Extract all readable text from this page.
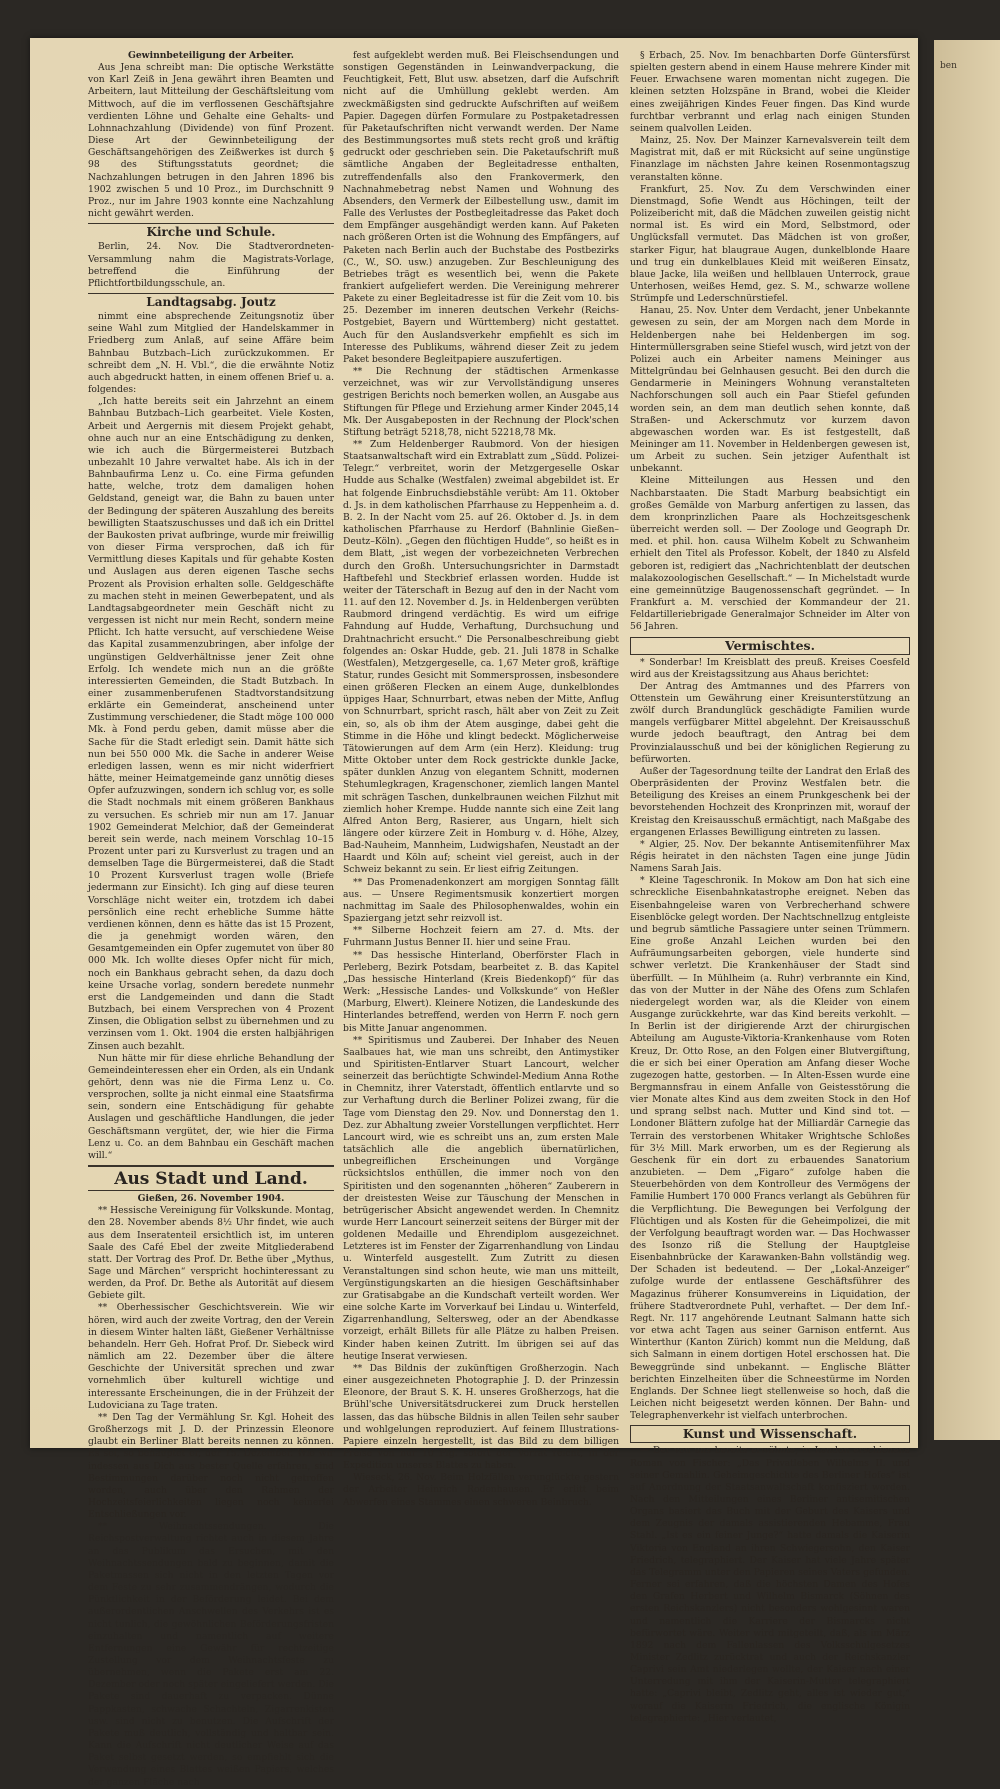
ben

Gewinnbeteiligung der Arbeiter.

Aus Jena schreibt man: Die optische Werkstätte von Karl Zeiß in Jena gewährt ihren Beamten und Arbeitern, laut Mitteilung der Geschäftsleitung vom Mittwoch, auf die im verflossenen Geschäftsjahre verdienten Löhne und Gehalte eine Gehalts- und Lohnnachzahlung (Dividende) von fünf Prozent. Diese Art der Gewinnbeteiligung der Geschäftsangehörigen des Zeißwerkes ist durch § 98 des Stiftungsstatuts geordnet; die Nachzahlungen betrugen in den Jahren 1896 bis 1902 zwischen 5 und 10 Proz., im Durchschnitt 9 Proz., nur im Jahre 1903 konnte eine Nachzahlung nicht gewährt werden.

Kirche und Schule.

Berlin, 24. Nov. Die Stadtverordneten-Versammlung nahm die Magistrats-Vorlage, betreffend die Einführung der Pflichtfortbildungsschule, an.

Landtagsabg. Joutz

nimmt eine absprechende Zeitungsnotiz über seine Wahl zum Mitglied der Handelskammer in Friedberg zum Anlaß, auf seine Affäre beim Bahnbau Butzbach–Lich zurückzukommen. Er schreibt dem „N. H. Vbl.“, die die erwähnte Notiz auch abgedruckt hatten, in einem offenen Brief u. a. folgendes:

„Ich hatte bereits seit ein Jahrzehnt an einem Bahnbau Butzbach–Lich gearbeitet. Viele Kosten, Arbeit und Aergernis mit diesem Projekt gehabt, ohne auch nur an eine Entschädigung zu denken, wie ich auch die Bürgermeisterei Butzbach unbezahlt 10 Jahre verwaltet habe. Als ich in der Bahnbaufirma Lenz u. Co. eine Firma gefunden hatte, welche, trotz dem damaligen hohen Geldstand, geneigt war, die Bahn zu bauen unter der Bedingung der späteren Auszahlung des bereits bewilligten Staatszuschusses und daß ich ein Drittel der Baukosten privat aufbringe, wurde mir freiwillig von dieser Firma versprochen, daß ich für Vermittlung dieses Kapitals und für gehabte Kosten und Auslagen aus deren eigenen Tasche sechs Prozent als Provision erhalten solle. Geldgeschäfte zu machen steht in meinen Gewerbepatent, und als Landtagsabgeordneter mein Geschäft nicht zu vergessen ist nicht nur mein Recht, sondern meine Pflicht. Ich hatte versucht, auf verschiedene Weise das Kapital zusammenzubringen, aber infolge der ungünstigen Geldverhältnisse jener Zeit ohne Erfolg. Ich wendete mich nun an die größte interessierten Gemeinden, die Stadt Butzbach. In einer zusammenberufenen Stadtvorstandsitzung erklärte ein Gemeinderat, anscheinend unter Zustimmung verschiedener, die Stadt möge 100 000 Mk. à Fond perdu geben, damit müsse aber die Sache für die Stadt erledigt sein. Damit hätte sich nun bei 550 000 Mk. die Sache in anderer Weise erledigen lassen, wenn es mir nicht widerfriert hätte, meiner Heimatgemeinde ganz unnötig dieses Opfer aufzuzwingen, sondern ich schlug vor, es solle die Stadt nochmals mit einem größeren Bankhaus zu versuchen. Es schrieb mir nun am 17. Januar 1902 Gemeinderat Melchior, daß der Gemeinderat bereit sein werde, nach meinem Vorschlag 10–15 Prozent unter pari zu Kursverlust zu tragen und an demselben Tage die Bürgermeisterei, daß die Stadt 10 Prozent Kursverlust tragen wolle (Briefe jedermann zur Einsicht). Ich ging auf diese teuren Vorschläge nicht weiter ein, trotzdem ich dabei persönlich eine recht erhebliche Summe hätte verdienen können, denn es hätte das ist 15 Prozent, die ja genehmigt worden wären, den Gesamtgemeinden ein Opfer zugemutet von über 80 000 Mk. Ich wollte dieses Opfer nicht für mich, noch ein Bankhaus gebracht sehen, da dazu doch keine Ursache vorlag, sondern beredete nunmehr erst die Landgemeinden und dann die Stadt Butzbach, bei einem Versprechen von 4 Prozent Zinsen, die Obligation selbst zu übernehmen und zu verzinsen vom 1. Okt. 1904 die ersten halbjährigen Zinsen auch bezahlt.

Nun hätte mir für diese ehrliche Behandlung der Gemeindeinteressen eher ein Orden, als ein Undank gehört, denn was nie die Firma Lenz u. Co. versprochen, sollte ja nicht einmal eine Staatsfirma sein, sondern eine Entschädigung für gehabte Auslagen und geschäftliche Handlungen, die jeder Geschäftsmann vergütet, der, wie hier die Firma Lenz u. Co. an dem Bahnbau ein Geschäft machen will.“

Aus Stadt und Land.

Gießen, 26. November 1904.

** Hessische Vereinigung für Volkskunde. Montag, den 28. November abends 8½ Uhr findet, wie auch aus dem Inseratenteil ersichtlich ist, im unteren Saale des Café Ebel der zweite Mitgliederabend statt. Der Vortrag des Prof. Dr. Bethe über „Mythus, Sage und Märchen“ verspricht hochinteressant zu werden, da Prof. Dr. Bethe als Autorität auf diesem Gebiete gilt.

** Oberhessischer Geschichtsverein. Wie wir hören, wird auch der zweite Vortrag, den der Verein in diesem Winter halten läßt, Gießener Verhältnisse behandeln. Herr Geh. Hofrat Prof. Dr. Siebeck wird nämlich am 22. Dezember über die ältere Geschichte der Universität sprechen und zwar vornehmlich über kulturell wichtige und interessante Erscheinungen, die in der Frühzeit der Ludoviciana zu Tage traten.

** Den Tag der Vermählung Sr. Kgl. Hoheit des Großherzogs mit J. D. der Prinzessin Eleonore glaubt ein Berliner Blatt bereits nennen zu können. Es sei, so behauptet er, der 15. Dezember. Wie wir indessen aus Dich aus bester Quelle erfahren, sind Bestimmungen darüber noch nicht getroffen worden, auch über den Rahmen der Hochzeitsfeierlichkeiten liegen noch keinerlei Entschließungen vor.

** Weihnachtssendungen. Die Reichspostverwaltung richtet auch in diesem Jahre an das Publikum das Ersuchen, mit den Weihnachtssendungen bald zu beginnen, damit die Paketmassen sich nicht in den letzten Tagen vor dem Feste zu sehr zusammendrängen, wodurch die Pünktlichkeit in der Beförderung leidet. Bei dem außerordentlichen Anschwellen des Verkehrs ist es nicht tunlich, die gewöhnlichen Beförderungsfristen einzuhalten und namentlich auf weitere Entfernungen eine Gewähr für rechtzeitige Zustellung vor dem Weihnachtsfeste zu übernehmen, wenn die Pakete erst am 22. Dezember oder noch später eingeliefert werden. Die Pakete sind dauerhaft zu verpacken. Dünne Pappkasten, schwache Schachteln, Zigarrenkisten usw. sind nicht zu benutzen. Die Aufschrift der Pakete muß deutlich, vollständig und haltbar sein. Kann die Aufschrift nicht deutlicher Weise auf das Paket selbst gesetzt werden, so empfiehlt sich die Verwendung eines Blattes weißen Papiers, welches der ganzen Fläche nach

fest aufgeklebt werden muß. Bei Fleischsendungen und sonstigen Gegenständen in Leinwandverpackung, die Feuchtigkeit, Fett, Blut usw. absetzen, darf die Aufschrift nicht auf die Umhüllung geklebt werden. Am zweckmäßigsten sind gedruckte Aufschriften auf weißem Papier. Dagegen dürfen Formulare zu Postpaketadressen für Paketaufschriften nicht verwandt werden. Der Name des Bestimmungsortes muß stets recht groß und kräftig gedruckt oder geschrieben sein. Die Paketaufschrift muß sämtliche Angaben der Begleitadresse enthalten, zutreffendenfalls also den Frankovermerk, den Nachnahmebetrag nebst Namen und Wohnung des Absenders, den Vermerk der Eilbestellung usw., damit im Falle des Verlustes der Postbegleitadresse das Paket doch dem Empfänger ausgehändigt werden kann. Auf Paketen nach größeren Orten ist die Wohnung des Empfängers, auf Paketen nach Berlin auch der Buchstabe des Postbezirks (C., W., SO. usw.) anzugeben. Zur Beschleunigung des Betriebes trägt es wesentlich bei, wenn die Pakete frankiert aufgeliefert werden. Die Vereinigung mehrerer Pakete zu einer Begleitadresse ist für die Zeit vom 10. bis 25. Dezember im inneren deutschen Verkehr (Reichs-Postgebiet, Bayern und Württemberg) nicht gestattet. Auch für den Auslandsverkehr empfiehlt es sich im Interesse des Publikums, während dieser Zeit zu jedem Paket besondere Begleitpapiere auszufertigen.

** Die Rechnung der städtischen Armenkasse verzeichnet, was wir zur Vervollständigung unseres gestrigen Berichts noch bemerken wollen, an Ausgabe aus Stiftungen für Pflege und Erziehung armer Kinder 2045,14 Mk. Der Ausgabeposten in der Rechnung der Plock'schen Stiftung beträgt 5218,78, nicht 52218,78 Mk.

** Zum Heldenberger Raubmord. Von der hiesigen Staatsanwaltschaft wird ein Extrablatt zum „Südd. Polizei-Telegr.“ verbreitet, worin der Metzgergeselle Oskar Hudde aus Schalke (Westfalen) zweimal abgebildet ist. Er hat folgende Einbruchsdiebstähle verübt: Am 11. Oktober d. Js. in dem katholischen Pfarrhause zu Heppenheim a. d. B. 2. In der Nacht vom 25. auf 26. Oktober d. Js. in dem katholischen Pfarrhause zu Herdorf (Bahnlinie Gießen–Deutz–Köln). „Gegen den flüchtigen Hudde“, so heißt es in dem Blatt, „ist wegen der vorbezeichneten Verbrechen durch den Großh. Untersuchungsrichter in Darmstadt Haftbefehl und Steckbrief erlassen worden. Hudde ist weiter der Täterschaft in Bezug auf den in der Nacht vom 11. auf den 12. November d. Js. in Heldenbergen verübten Raubmord dringend verdächtig. Es wird um eifrige Fahndung auf Hudde, Verhaftung, Durchsuchung und Drahtnachricht ersucht.“ Die Personalbeschreibung giebt folgendes an: Oskar Hudde, geb. 21. Juli 1878 in Schalke (Westfalen), Metzgergeselle, ca. 1,67 Meter groß, kräftige Statur, rundes Gesicht mit Sommersprossen, insbesondere einen größeren Flecken an einem Auge, dunkelblondes üppiges Haar, Schnurrbart, etwas neben der Mitte, Anflug von Schnurrbart, spricht rasch, hält aber von Zeit zu Zeit ein, so, als ob ihm der Atem ausginge, dabei geht die Stimme in die Höhe und klingt bedeckt. Möglicherweise Tätowierungen auf dem Arm (ein Herz). Kleidung: trug Mitte Oktober unter dem Rock gestrickte dunkle Jacke, später dunklen Anzug von elegantem Schnitt, modernen Stehumlegkragen, Kragenschoner, ziemlich langen Mantel mit schrägen Taschen, dunkelbraunen weichen Filzhut mit ziemlich hoher Krempe. Hudde nannte sich eine Zeit lang Alfred Anton Berg, Rasierer, aus Ungarn, hielt sich längere oder kürzere Zeit in Homburg v. d. Höhe, Alzey, Bad-Nauheim, Mannheim, Ludwigshafen, Neustadt an der Haardt und Köln auf; scheint viel gereist, auch in der Schweiz bekannt zu sein. Er liest eifrig Zeitungen.

** Das Promenadenkonzert am morgigen Sonntag fällt aus. — Unsere Regimentsmusik konzertiert morgen nachmittag im Saale des Philosophenwaldes, wohin ein Spaziergang jetzt sehr reizvoll ist.

** Silberne Hochzeit feiern am 27. d. Mts. der Fuhrmann Justus Benner II. hier und seine Frau.

** Das hessische Hinterland, Oberförster Flach in Perleberg, Bezirk Potsdam, bearbeitet z. B. das Kapitel „Das hessische Hinterland (Kreis Biedenkopf)“ für das Werk: „Hessische Landes- und Volkskunde“ von Heßler (Marburg, Elwert). Kleinere Notizen, die Landeskunde des Hinterlandes betreffend, werden von Herrn F. noch gern bis Mitte Januar angenommen.

** Spiritismus und Zauberei. Der Inhaber des Neuen Saalbaues hat, wie man uns schreibt, den Antimystiker und Spiritisten-Entlarver Stuart Lancourt, welcher seinerzeit das berüchtigte Schwindel-Medium Anna Rothe in Chemnitz, ihrer Vaterstadt, öffentlich entlarvte und so zur Verhaftung durch die Berliner Polizei zwang, für die Tage vom Dienstag den 29. Nov. und Donnerstag den 1. Dez. zur Abhaltung zweier Vorstellungen verpflichtet. Herr Lancourt wird, wie es schreibt uns an, zum ersten Male tatsächlich alle die angeblich übernatürlichen, unbegreiflichen Erscheinungen und Vorgänge rücksichtslos enthüllen, die immer noch von den Spiritisten und den sogenannten „höheren“ Zauberern in der dreistesten Weise zur Täuschung der Menschen in betrügerischer Absicht angewendet werden. In Chemnitz wurde Herr Lancourt seinerzeit seitens der Bürger mit der goldenen Medaille und Ehrendiplom ausgezeichnet. Letzteres ist im Fenster der Zigarrenhandlung von Lindau u. Winterfeld ausgestellt. Zum Zutritt zu diesen Veranstaltungen sind schon heute, wie man uns mitteilt, Vergünstigungskarten an die hiesigen Geschäftsinhaber zur Gratisabgabe an die Kundschaft verteilt worden. Wer eine solche Karte im Vorverkauf bei Lindau u. Winterfeld, Zigarrenhandlung, Seltersweg, oder an der Abendkasse vorzeigt, erhält Billets für alle Plätze zu halben Preisen. Kinder haben keinen Zutritt. Im übrigen sei auf das heutige Inserat verwiesen.

** Das Bildnis der zukünftigen Großherzogin. Nach einer ausgezeichneten Photographie J. D. der Prinzessin Eleonore, der Braut S. K. H. unseres Großherzogs, hat die Brühl'sche Universitätsdruckerei zum Druck herstellen lassen, das das hübsche Bildnis in allen Teilen sehr sauber und wohlgelungen reproduziert. Auf feinem Illustrations-Papiere einzeln hergestellt, ist das Bild zu dem billigen Preise von nur 10 Pfg. sofort der Vorrat reicht, in der Expedition unseres Blattes zu haben.

Wieseck, 26. Nov. Beim Holzfällen verunglückte gestern der Arbeiter Heinrich Rodenhausen. Er erlitt beim Abwerfen eines Stammes einen schweren Beinbruch.

§ Erbach, 25. Nov. Im benachbarten Dorfe Güntersfürst spielten gestern abend in einem Hause mehrere Kinder mit Feuer. Erwachsene waren momentan nicht zugegen. Die kleinen setzten Holzspäne in Brand, wobei die Kleider eines zweijährigen Kindes Feuer fingen. Das Kind wurde furchtbar verbrannt und erlag nach einigen Stunden seinem qualvollen Leiden.

Mainz, 25. Nov. Der Mainzer Karnevalsverein teilt dem Magistrat mit, daß er mit Rücksicht auf seine ungünstige Finanzlage im nächsten Jahre keinen Rosenmontagszug veranstalten könne.

Frankfurt, 25. Nov. Zu dem Verschwinden einer Dienstmagd, Sofie Wendt aus Höchingen, teilt der Polizeibericht mit, daß die Mädchen zuweilen geistig nicht normal ist. Es wird ein Mord, Selbstmord, oder Unglücksfall vermutet. Das Mädchen ist von großer, starker Figur, hat blaugraue Augen, dunkelblonde Haare und trug ein dunkelblaues Kleid mit weißeren Einsatz, blaue Jacke, lila weißen und hellblauen Unterrock, graue Unterhosen, weißes Hemd, gez. S. M., schwarze wollene Strümpfe und Lederschnürstiefel.

Hanau, 25. Nov. Unter dem Verdacht, jener Unbekannte gewesen zu sein, der am Morgen nach dem Morde in Heldenbergen nahe bei Heldenbergen im sog. Hintermüllersgraben seine Stiefel wusch, wird jetzt von der Polizei auch ein Arbeiter namens Meininger aus Mittelgründau bei Gelnhausen gesucht. Bei den durch die Gendarmerie in Meiningers Wohnung veranstalteten Nachforschungen soll auch ein Paar Stiefel gefunden worden sein, an dem man deutlich sehen konnte, daß Straßen- und Ackerschmutz vor kurzem davon abgewaschen worden war. Es ist festgestellt, daß Meininger am 11. November in Heldenbergen gewesen ist, um Arbeit zu suchen. Sein jetziger Aufenthalt ist unbekannt.

Kleine Mitteilungen aus Hessen und den Nachbarstaaten. Die Stadt Marburg beabsichtigt ein großes Gemälde von Marburg anfertigen zu lassen, das dem kronprinzlichen Paare als Hochzeitsgeschenk überreicht werden soll. — Der Zoologe und Geograph Dr. med. et phil. hon. causa Wilhelm Kobelt zu Schwanheim erhielt den Titel als Professor. Kobelt, der 1840 zu Alsfeld geboren ist, redigiert das „Nachrichtenblatt der deutschen malakozoologischen Gesellschaft.“ — In Michelstadt wurde eine gemeinnützige Baugenossenschaft gegründet. — In Frankfurt a. M. verschied der Kommandeur der 21. Feldartilleriebrigade Generalmajor Schneider im Alter von 56 Jahren.

Vermischtes.

* Sonderbar! Im Kreisblatt des preuß. Kreises Coesfeld wird aus der Kreistagssitzung aus Ahaus berichtet:

Der Antrag des Amtmannes und des Pfarrers von Ottenstein um Gewährung einer Kreisunterstützung an zwölf durch Brandunglück geschädigte Familien wurde mangels verfügbarer Mittel abgelehnt. Der Kreisausschuß wurde jedoch beauftragt, den Antrag bei dem Provinzialausschuß und bei der königlichen Regierung zu befürworten.

Außer der Tagesordnung teilte der Landrat den Erlaß des Oberpräsidenten der Provinz Westfalen betr. die Beteiligung des Kreises an einem Prunkgeschenk bei der bevorstehenden Hochzeit des Kronprinzen mit, worauf der Kreistag den Kreisausschuß ermächtigt, nach Maßgabe des ergangenen Erlasses Bewilligung eintreten zu lassen.

* Algier, 25. Nov. Der bekannte Antisemitenführer Max Régis heiratet in den nächsten Tagen eine junge Jüdin Namens Sarah Jais.

* Kleine Tageschronik. In Mokow am Don hat sich eine schreckliche Eisenbahnkatastrophe ereignet. Neben das Eisenbahngeleise waren von Verbrecherhand schwere Eisenblöcke gelegt worden. Der Nachtschnellzug entgleiste und begrub sämtliche Passagiere unter seinen Trümmern. Eine große Anzahl Leichen wurden bei den Aufräumungsarbeiten geborgen, viele hunderte sind schwer verletzt. Die Krankenhäuser der Stadt sind überfüllt. — In Mühlheim (a. Ruhr) verbrannte ein Kind, das von der Mutter in der Nähe des Ofens zum Schlafen niedergelegt worden war, als die Kleider von einem Ausgange zurückkehrte, war das Kind bereits verkohlt. — In Berlin ist der dirigierende Arzt der chirurgischen Abteilung am Auguste-Viktoria-Krankenhause vom Roten Kreuz, Dr. Otto Rose, an den Folgen einer Blutvergiftung, die er sich bei einer Operation am Anfang dieser Woche zugezogen hatte, gestorben. — In Alten-Essen wurde eine Bergmannsfrau in einem Anfalle von Geistesstörung die vier Monate altes Kind aus dem zweiten Stock in den Hof und sprang selbst nach. Mutter und Kind sind tot. — Londoner Blättern zufolge hat der Milliardär Carnegie das Terrain des verstorbenen Whitaker Wrightsche Schloßes für 3½ Mill. Mark erworben, um es der Regierung als Geschenk für ein dort zu erbauendes Sanatorium anzubieten. — Dem „Figaro“ zufolge haben die Steuerbehörden von dem Kontrolleur des Vermögens der Familie Humbert 170 000 Francs verlangt als Gebühren für die Verpflichtung. Die Bewegungen bei Verfolgung der Flüchtigen und als Kosten für die Geheimpolizei, die mit der Verfolgung beauftragt worden war. — Das Hochwasser des Isonzo riß die Stellung der Hauptgleise Eisenbahnbrücke der Karawanken-Bahn vollständig weg. Der Schaden ist bedeutend. — Der „Lokal-Anzeiger“ zufolge wurde der entlassene Geschäftsführer des Magazinus früherer Konsumvereins in Liquidation, der frühere Stadtverordnete Puhl, verhaftet. — Der dem Inf.-Regt. Nr. 117 angehörende Leutnant Salmann hatte sich vor etwa acht Tagen aus seiner Garnison entfernt. Aus Winterthur (Kanton Zürich) kommt nun die Meldung, daß sich Salmann in einem dortigen Hotel erschossen hat. Die Beweggründe sind unbekannt. — Englische Blätter berichten Einzelheiten über die Schneestürme im Norden Englands. Der Schnee liegt stellenweise so hoch, daß die Leichen nicht beigesetzt werden können. Der Bahn- und Telegraphenverkehr ist vielfach unterbrochen.

Kunst und Wissenschaft.

— Der von uns bereits erwähnte, in London erschienene Roman von Fischer: „Das Privatleben Wilhelms II. und seiner Gemahlin. Geheimgeschichte des Berliner Hofes“ ist auf Anordnung der Staatsanwaltschaft konfisziert worden. Nach den Mitteilungen eines Berliner antisemitischen Organs basiert das Buch mit der Geburt des Kaisers und dem Zeugnis der damals assistierenden Hebamme, Frau Stahl. „Ist es ein feiner Junge?“ hatte damals die Kaiserin Viktoria von England an ihren Schwiegersohn, den Kaiser Friedrich, telegraphiert. Der Kaiser hat viele Jahre später das Telegramm unter den Papieren seines Vaters gefunden. Ferner sei erfahren, daß die höchsten Damen des Hofes den Grafen Herbert und Wilhelm Bismarck (Söhnen des ersten Reichskanzlers) nicht besonders wohlgesinnt waren und namentlich die Karriere der Bismarcks nicht befürwortet wäre. Weiter wird mitgeteilt, daß, als im März 1892 nach dem Fallenlassen des Volksschulgesetzes Minister Zedlitz zurücktrat und auch der Reichskanzler Caprivi sein Amt niederlegen wollte, der Kaiser nach einer Unterredung mit ihm der Kaiserin-Mutter telegraphiert hatte: „Caprivi bleibt, Zedlitz geht, alles ist wieder gut,“ worauf die Kaiserin Friedrich, die englische Königin telegraphierte: „Hier verlautet,
